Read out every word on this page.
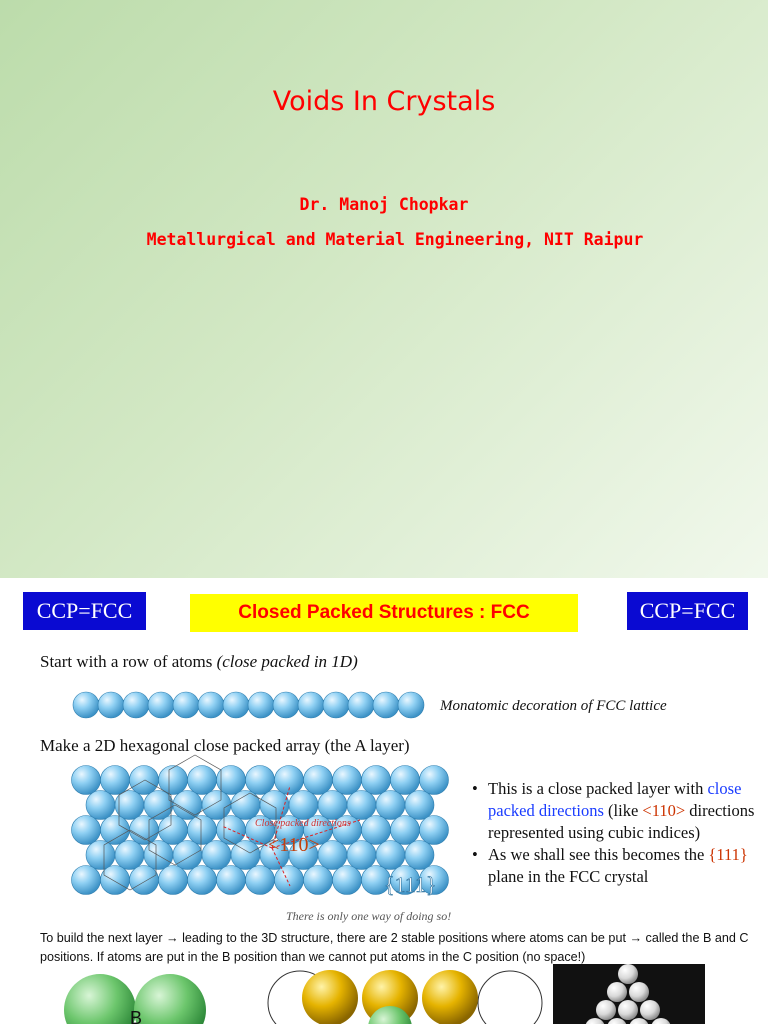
Voids In Crystals
Dr. Manoj Chopkar
Metallurgical and Material Engineering, NIT Raipur
Close packed directions
<110>
{111}
B
CCP=FCC	Closed Packed Structures : FCC	CCP=FCC
Start with a row of atoms (close packed in 1D)
Monatomic decoration of FCC lattice
Make a 2D hexagonal close packed array (the A layer)
• This is a close packed layer with close packed directions (like <110> directions represented using cubic indices)
• As we shall see this becomes the {111} plane in the FCC crystal
There is only one way of doing so!
To build the next layer → leading to the 3D structure, there are 2 stable positions where atoms can be put → called the B and C positions. If atoms are put in the B position than we cannot put atoms in the C position (no space!)
